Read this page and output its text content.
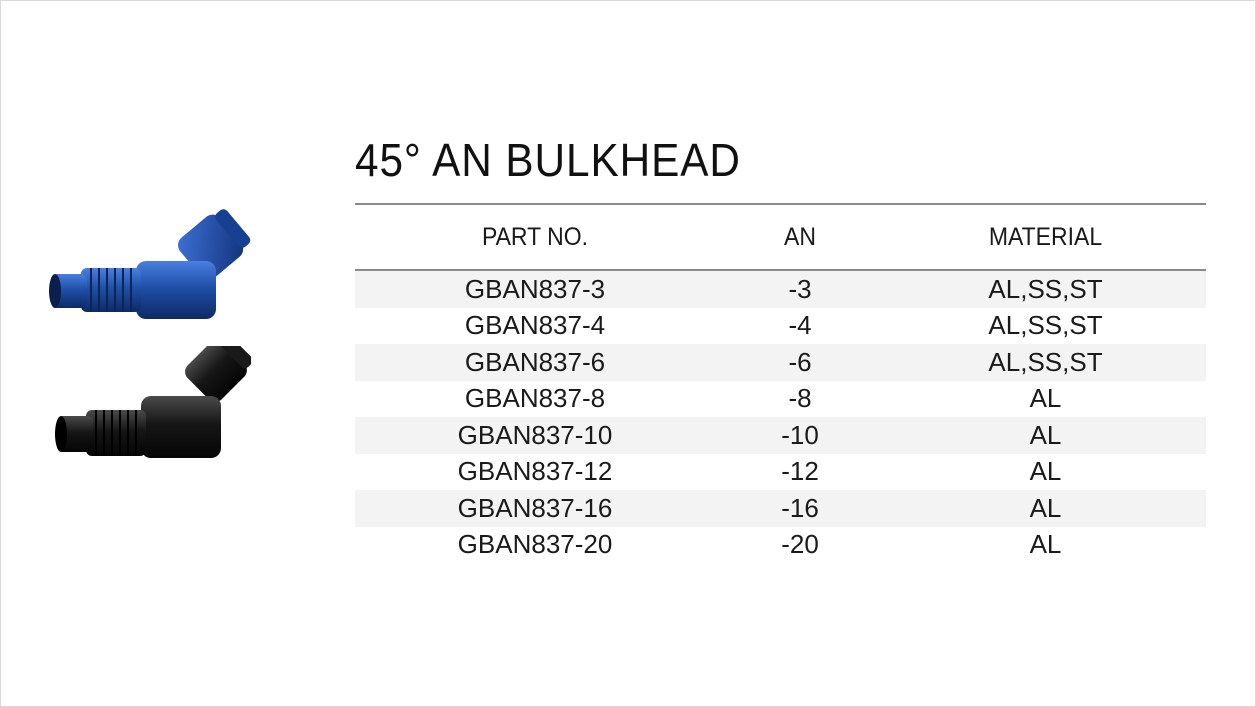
45° AN BULKHEAD
PART NO.	AN	MATERIAL
GBAN837-3	-3	AL,SS,ST
GBAN837-4	-4	AL,SS,ST
GBAN837-6	-6	AL,SS,ST
GBAN837-8	-8	AL
GBAN837-10	-10	AL
GBAN837-12	-12	AL
GBAN837-16	-16	AL
GBAN837-20	-20	AL
